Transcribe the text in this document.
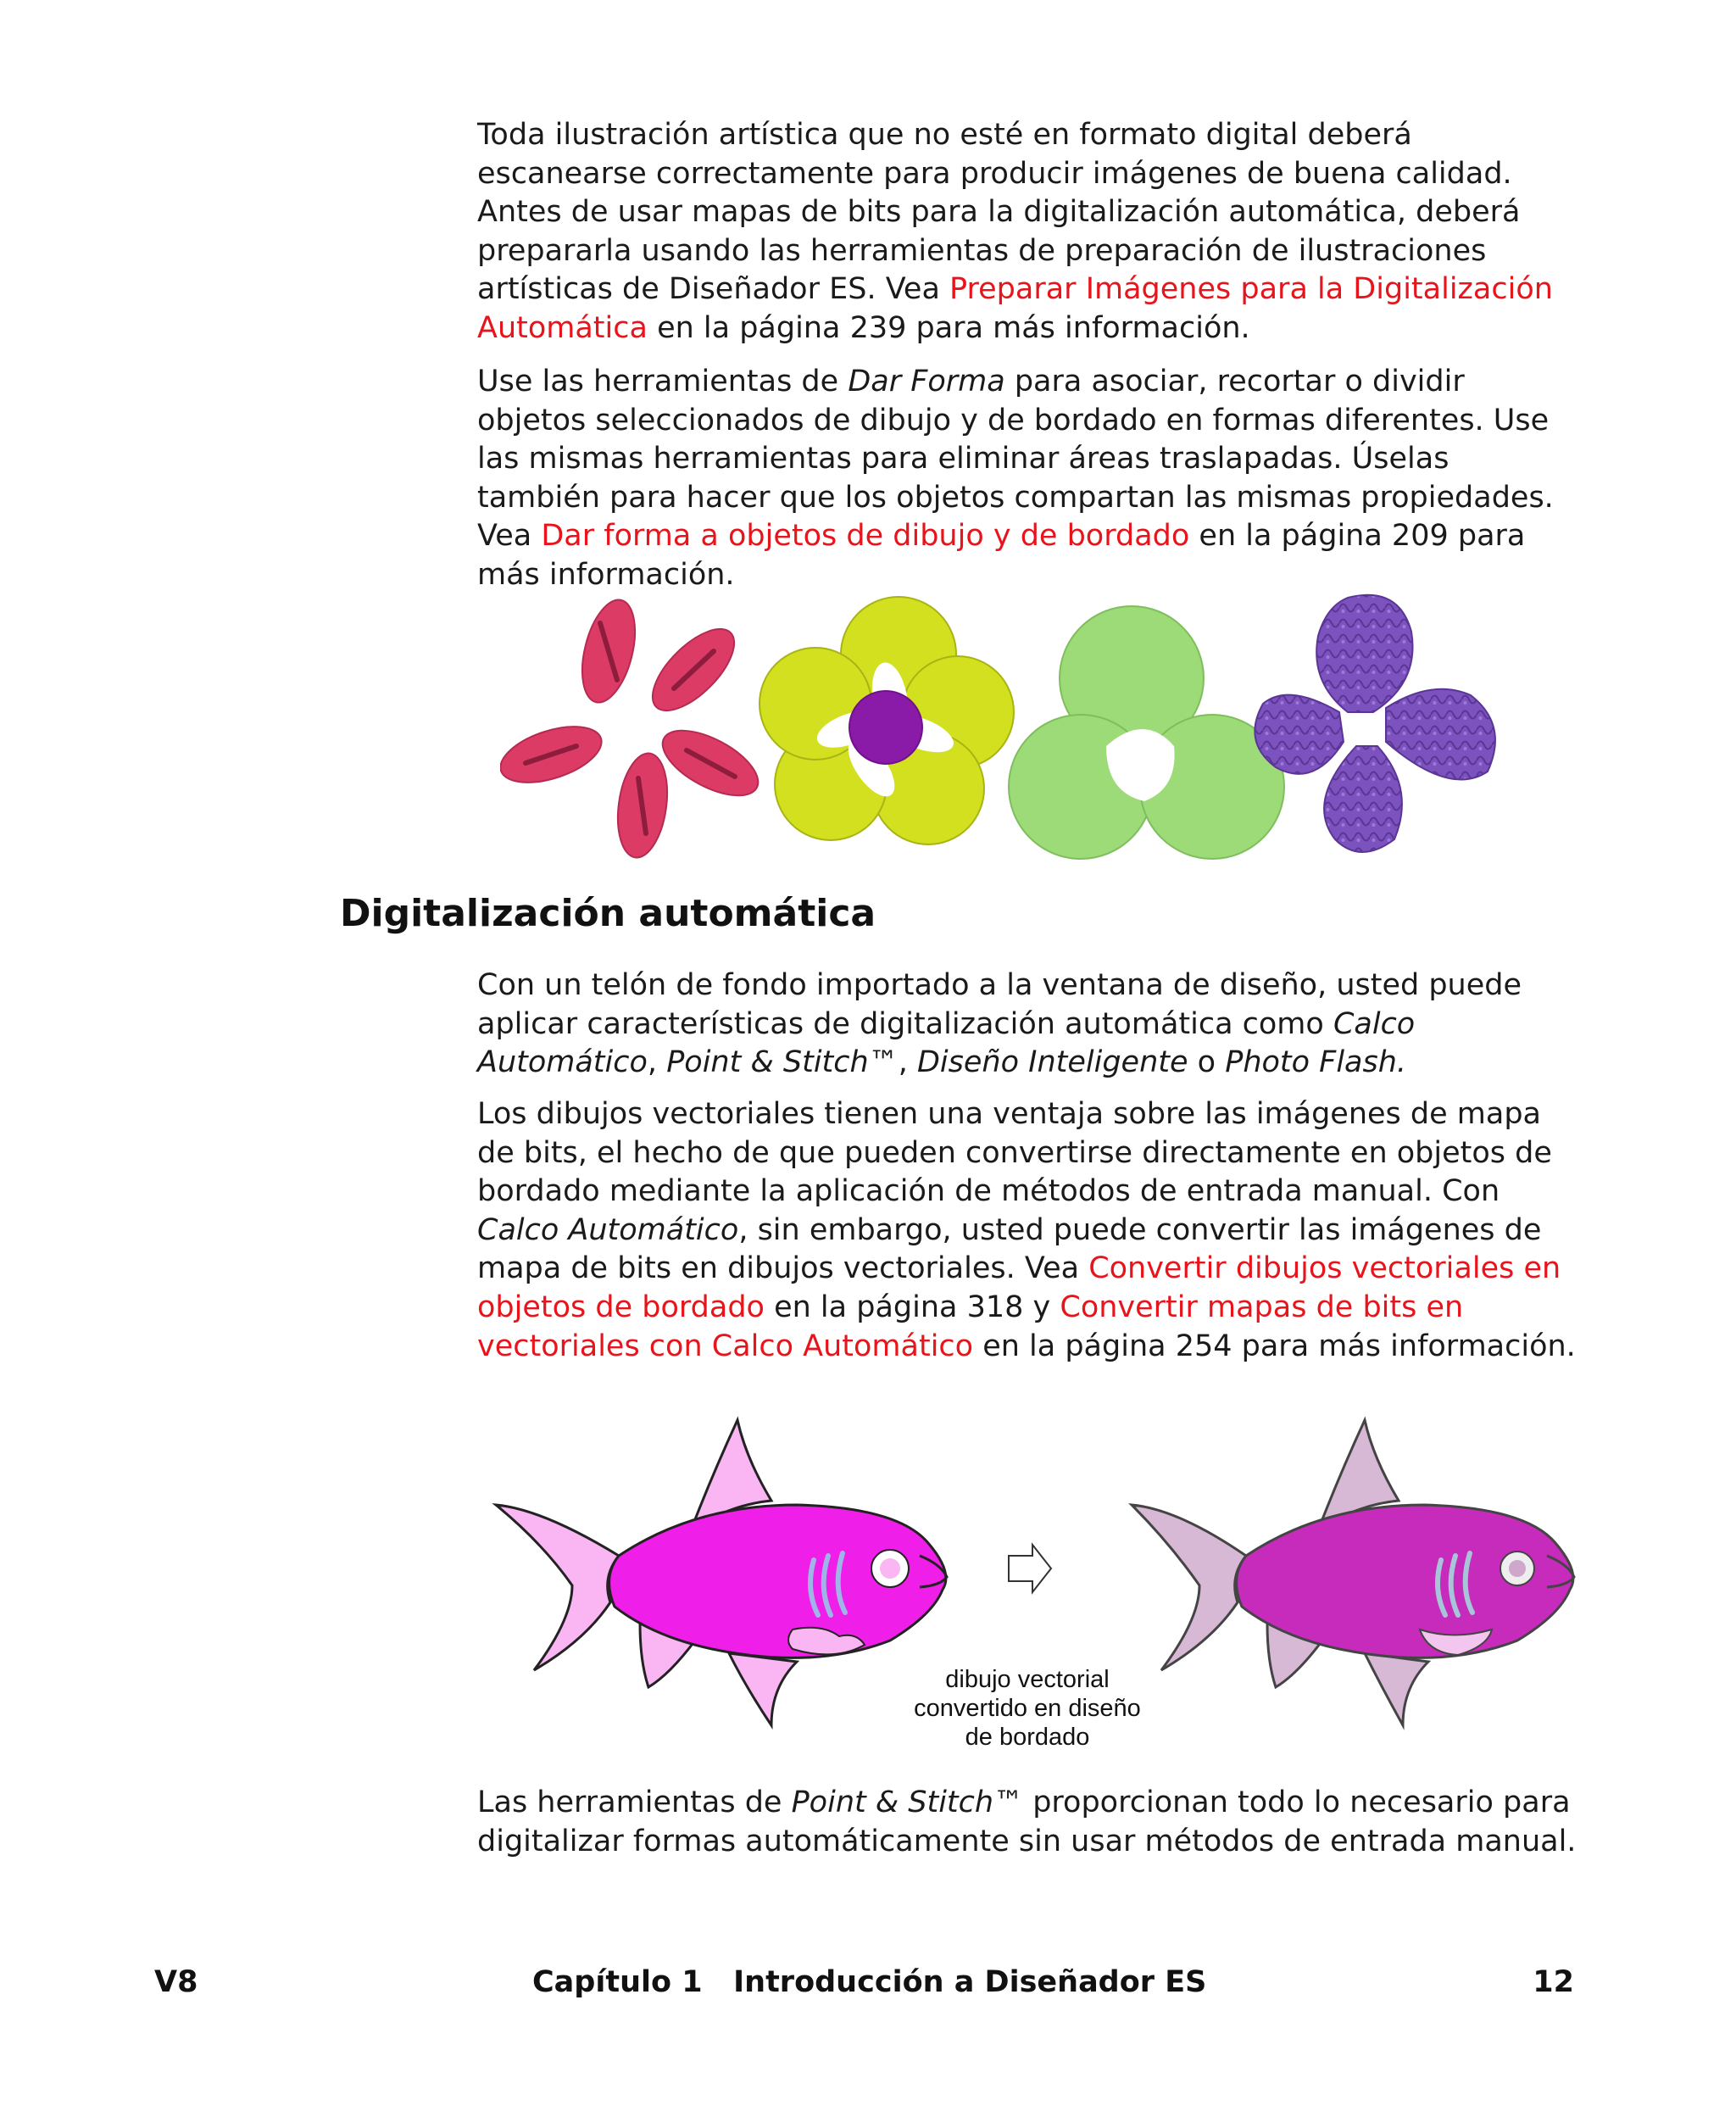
Toda ilustración artística que no esté en formato digital deberá escanearse correctamente para producir imágenes de buena calidad. Antes de usar mapas de bits para la digitalización automática, deberá prepararla usando las herramientas de preparación de ilustraciones artísticas de Diseñador ES. Vea Preparar Imágenes para la Digitalización Automática en la página 239 para más información.

Use las herramientas de Dar Forma para asociar, recortar o dividir objetos seleccionados de dibujo y de bordado en formas diferentes. Use las mismas herramientas para eliminar áreas traslapadas. Úselas también para hacer que los objetos compartan las mismas propiedades. Vea Dar forma a objetos de dibujo y de bordado en la página 209 para más información.

Digitalización automática

Con un telón de fondo importado a la ventana de diseño, usted puede aplicar características de digitalización automática como Calco Automático, Point & Stitch™, Diseño Inteligente o Photo Flash.

Los dibujos vectoriales tienen una ventaja sobre las imágenes de mapa de bits, el hecho de que pueden convertirse directamente en objetos de bordado mediante la aplicación de métodos de entrada manual. Con Calco Automático, sin embargo, usted puede convertir las imágenes de mapa de bits en dibujos vectoriales. Vea Convertir dibujos vectoriales en objetos de bordado en la página 318 y Convertir mapas de bits en vectoriales con Calco Automático en la página 254 para más información.

dibujo vectorial
convertido en diseño
de bordado

Las herramientas de Point & Stitch™ proporcionan todo lo necesario para digitalizar formas automáticamente sin usar métodos de entrada manual.

V8	Capítulo 1   Introducción a Diseñador ES	12
